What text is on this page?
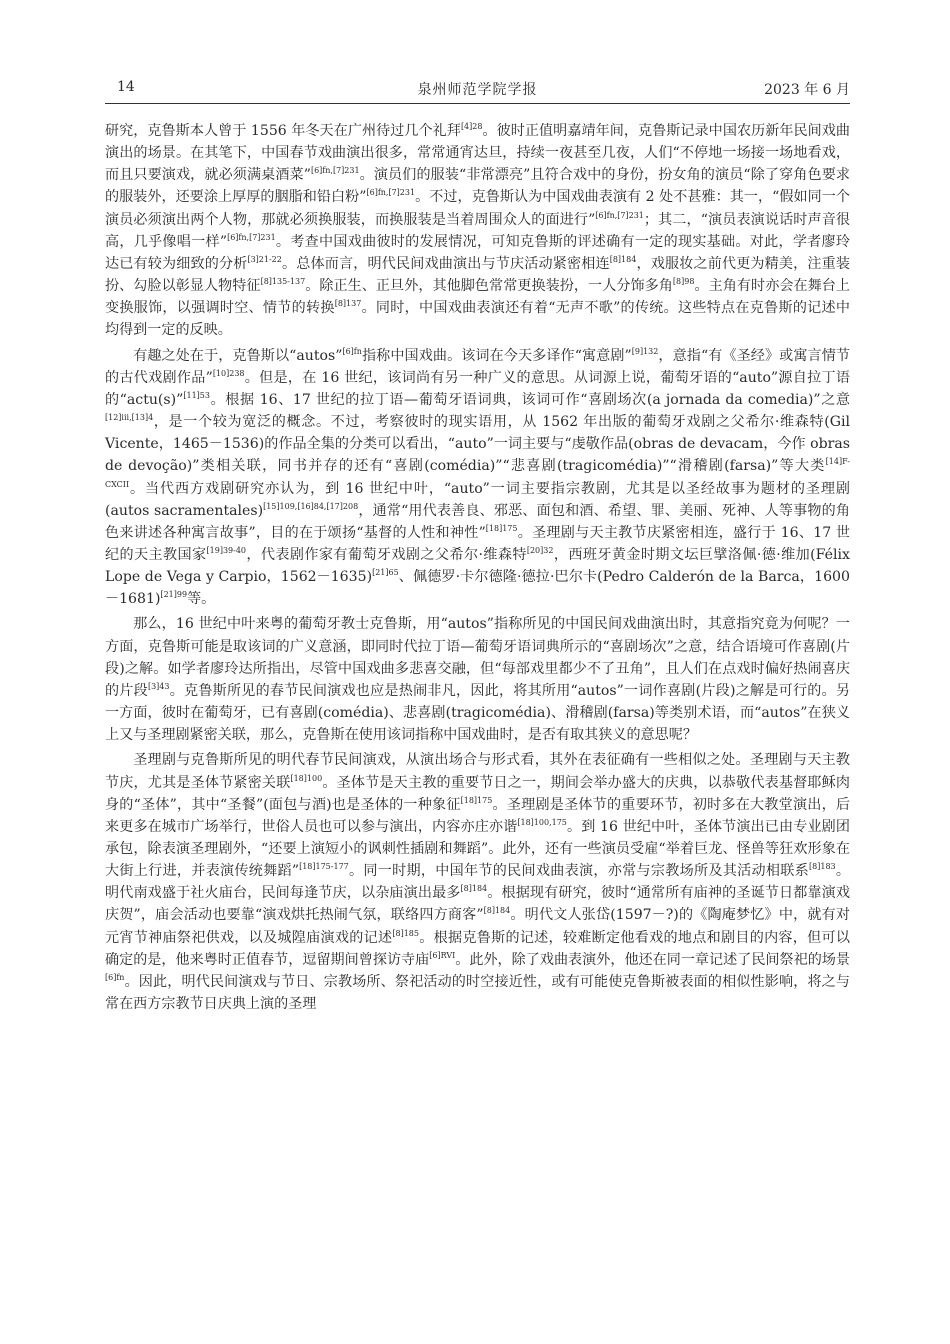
泉州师范学院学报
14	2023 年 6 月

研究，克鲁斯本人曾于 1556 年冬天在广州待过几个礼拜$^{[4]28}$。彼时正值明嘉靖年间，克鲁斯记录中国农历新年民间戏曲演出的场景。在其笔下，中国春节戏曲演出很多，常常通宵达旦，持续一夜甚至几夜，人们“不停地一场接一场地看戏，而且只要演戏，就必须满桌酒菜”$^{[6]fn,[7]231}$。演员们的服装“非常漂亮”且符合戏中的身份，扮女角的演员“除了穿角色要求的服装外，还要涂上厚厚的胭脂和铅白粉”$^{[6]fn,[7]231}$。不过，克鲁斯认为中国戏曲表演有 2 处不甚雅：其一，“假如同一个演员必须演出两个人物，那就必须换服装，而换服装是当着周围众人的面进行”$^{[6]fn,[7]231}$；其二，“演员表演说话时声音很高，几乎像唱一样”$^{[6]fn,[7]231}$。考查中国戏曲彼时的发展情况，可知克鲁斯的评述确有一定的现实基础。对此，学者廖玲达已有较为细致的分析$^{[3]21-22}$。总体而言，明代民间戏曲演出与节庆活动紧密相连$^{[8]184}$，戏服妆之前代更为精美，注重装扮、勾脸以彰显人物特征$^{[8]135-137}$。除正生、正旦外，其他脚色常常更换装扮，一人分饰多角$^{[8]98}$。主角有时亦会在舞台上变换服饰，以强调时空、情节的转换$^{[8]137}$。同时，中国戏曲表演还有着“无声不歌”的传统。这些特点在克鲁斯的记述中均得到一定的反映。

有趣之处在于，克鲁斯以“autos”$^{[6]fn}$指称中国戏曲。该词在今天多译作“寓意剧”$^{[9]132}$，意指“有《圣经》或寓言情节的古代戏剧作品”$^{[10]238}$。但是，在 16 世纪，该词尚有另一种广义的意思。从词源上说，葡萄牙语的“auto”源自拉丁语的“actu(s)”$^{[11]53}$。根据 16、17 世纪的拉丁语—葡萄牙语词典，该词可作“喜剧场次(a jornada da comedia)”之意$^{[12]iii,[13]4}$，是一个较为宽泛的概念。不过，考察彼时的现实语用，从 1562 年出版的葡萄牙戏剧之父希尔·维森特(Gil Vicente，1465－1536)的作品全集的分类可以看出，“auto”一词主要与“虔敬作品(obras de devacam，今作 obras de devoção)”类相关联，同书并存的还有“喜剧(comédia)”“悲喜剧(tragicomédia)”“滑稽剧(farsa)”等大类$^{[14]F-CXCII}$。当代西方戏剧研究亦认为，到 16 世纪中叶，“auto”一词主要指宗教剧，尤其是以圣经故事为题材的圣理剧(autos sacramentales)$^{[15]109,[16]84,[17]208}$，通常“用代表善良、邪恶、面包和酒、希望、罪、美丽、死神、人等事物的角色来讲述各种寓言故事”，目的在于颂扬“基督的人性和神性”$^{[18]175}$。圣理剧与天主教节庆紧密相连，盛行于 16、17 世纪的天主教国家$^{[19]39-40}$，代表剧作家有葡萄牙戏剧之父希尔·维森特$^{[20]32}$，西班牙黄金时期文坛巨擘洛佩·德·维加(Félix Lope de Vega y Carpio，1562－1635)$^{[21]65}$、佩德罗·卡尔德隆·德拉·巴尔卡(Pedro Calderón de la Barca，1600－1681)$^{[21]99}$等。

那么，16 世纪中叶来粤的葡萄牙教士克鲁斯，用“autos”指称所见的中国民间戏曲演出时，其意指究竟为何呢？一方面，克鲁斯可能是取该词的广义意涵，即同时代拉丁语—葡萄牙语词典所示的“喜剧场次”之意，结合语境可作喜剧(片段)之解。如学者廖玲达所指出，尽管中国戏曲多悲喜交融，但“每部戏里都少不了丑角”，且人们在点戏时偏好热闹喜庆的片段$^{[3]43}$。克鲁斯所见的春节民间演戏也应是热闹非凡，因此，将其所用“autos”一词作喜剧(片段)之解是可行的。另一方面，彼时在葡萄牙，已有喜剧(comédia)、悲喜剧(tragicomédia)、滑稽剧(farsa)等类别术语，而“autos”在狭义上又与圣理剧紧密关联，那么，克鲁斯在使用该词指称中国戏曲时，是否有取其狭义的意思呢？

圣理剧与克鲁斯所见的明代春节民间演戏，从演出场合与形式看，其外在表征确有一些相似之处。圣理剧与天主教节庆，尤其是圣体节紧密关联$^{[18]100}$。圣体节是天主教的重要节日之一，期间会举办盛大的庆典，以恭敬代表基督耶稣肉身的“圣体”，其中“圣餐”(面包与酒)也是圣体的一种象征$^{[18]175}$。圣理剧是圣体节的重要环节，初时多在大教堂演出，后来更多在城市广场举行，世俗人员也可以参与演出，内容亦庄亦谐$^{[18]100,175}$。到 16 世纪中叶，圣体节演出已由专业剧团承包，除表演圣理剧外，“还要上演短小的讽刺性插剧和舞蹈”。此外，还有一些演员受雇“举着巨龙、怪兽等狂欢形象在大街上行进，并表演传统舞蹈”$^{[18]175-177}$。同一时期，中国年节的民间戏曲表演，亦常与宗教场所及其活动相联系$^{[8]183}$。明代南戏盛于社火庙台，民间每逢节庆，以杂庙演出最多$^{[8]184}$。根据现有研究，彼时“通常所有庙神的圣诞节日都靠演戏庆贺”，庙会活动也要靠“演戏烘托热闹气氛，联络四方商客”$^{[8]184}$。明代文人张岱(1597－?)的《陶庵梦忆》中，就有对元宵节神庙祭祀供戏，以及城隍庙演戏的记述$^{[8]185}$。根据克鲁斯的记述，较难断定他看戏的地点和剧目的内容，但可以确定的是，他来粤时正值春节，逗留期间曾探访寺庙$^{[6]RVI}$。此外，除了戏曲表演外，他还在同一章记述了民间祭祀的场景$^{[6]fn}$。因此，明代民间演戏与节日、宗教场所、祭祀活动的时空接近性，或有可能使克鲁斯被表面的相似性影响，将之与常在西方宗教节日庆典上演的圣理
